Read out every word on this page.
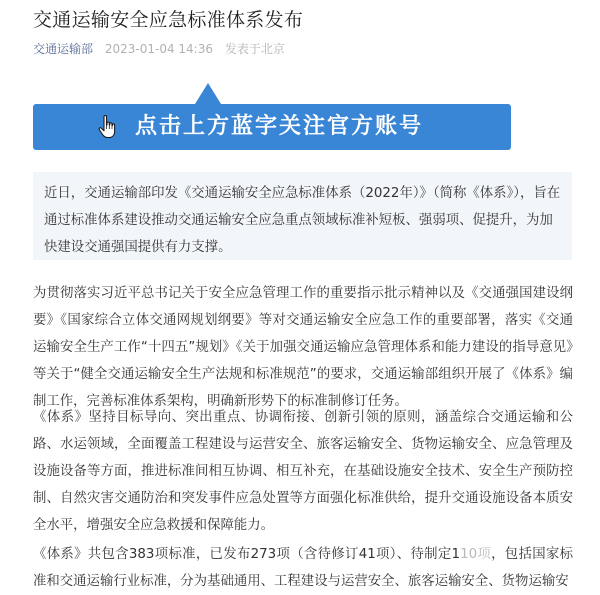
交通运输安全应急标准体系发布
交通运输部 2023-01-04 14:36 发表于北京
点击上方蓝字关注官方账号
近日，交通运输部印发《交通运输安全应急标准体系（2022年）》（简称《体系》），旨在通过标准体系建设推动交通运输安全应急重点领域标准补短板、强弱项、促提升，为加快建设交通强国提供有力支撑。

为贯彻落实习近平总书记关于安全应急管理工作的重要指示批示精神以及《交通强国建设纲要》《国家综合立体交通网规划纲要》等对交通运输安全应急工作的重要部署，落实《交通运输安全生产工作“十四五”规划》《关于加强交通运输应急管理体系和能力建设的指导意见》等关于“健全交通运输安全生产法规和标准规范”的要求，交通运输部组织开展了《体系》编制工作，完善标准体系架构，明确新形势下的标准制修订任务。

《体系》坚持目标导向、突出重点、协调衔接、创新引领的原则，涵盖综合交通运输和公路、水运领域，全面覆盖工程建设与运营安全、旅客运输安全、货物运输安全、应急管理及设施设备等方面，推进标准间相互协调、相互补充，在基础设施安全技术、安全生产预防控制、自然灾害交通防治和突发事件应急处置等方面强化标准供给，提升交通设施设备本质安全水平，增强安全应急救援和保障能力。

《体系》共包含383项标准，已发布273项（含待修订41项）、待制定110项，包括国家标准和交通运输行业标准，分为基础通用、工程建设与运营安全、旅客运输安全、货物运输安
